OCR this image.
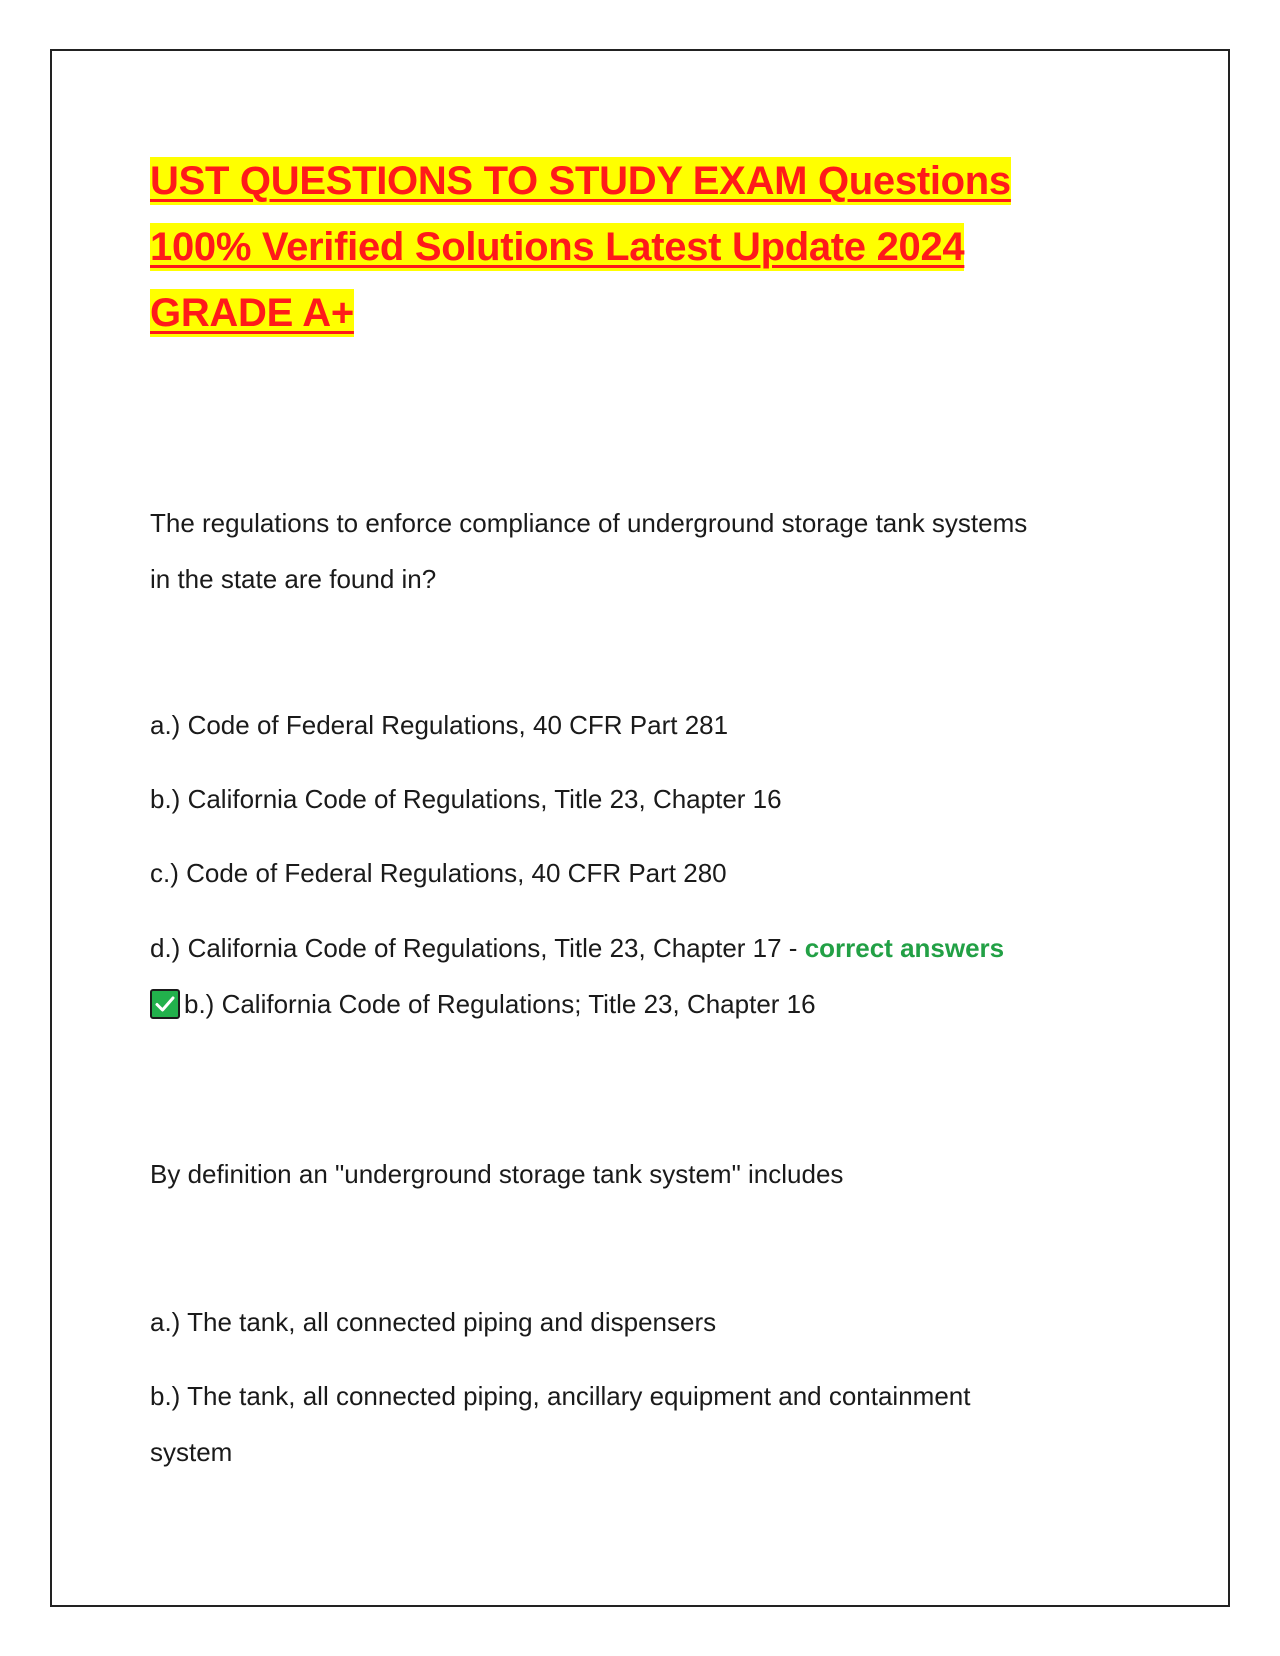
UST QUESTIONS TO STUDY EXAM Questions
100% Verified Solutions Latest Update 2024
GRADE A+

The regulations to enforce compliance of underground storage tank systems
in the state are found in?

a.) Code of Federal Regulations, 40 CFR Part 281

b.) California Code of Regulations, Title 23, Chapter 16

c.) Code of Federal Regulations, 40 CFR Part 280

d.) California Code of Regulations, Title 23, Chapter 17 - correct answers

b.) California Code of Regulations; Title 23, Chapter 16

By definition an "underground storage tank system" includes

a.) The tank, all connected piping and dispensers

b.) The tank, all connected piping, ancillary equipment and containment
system
